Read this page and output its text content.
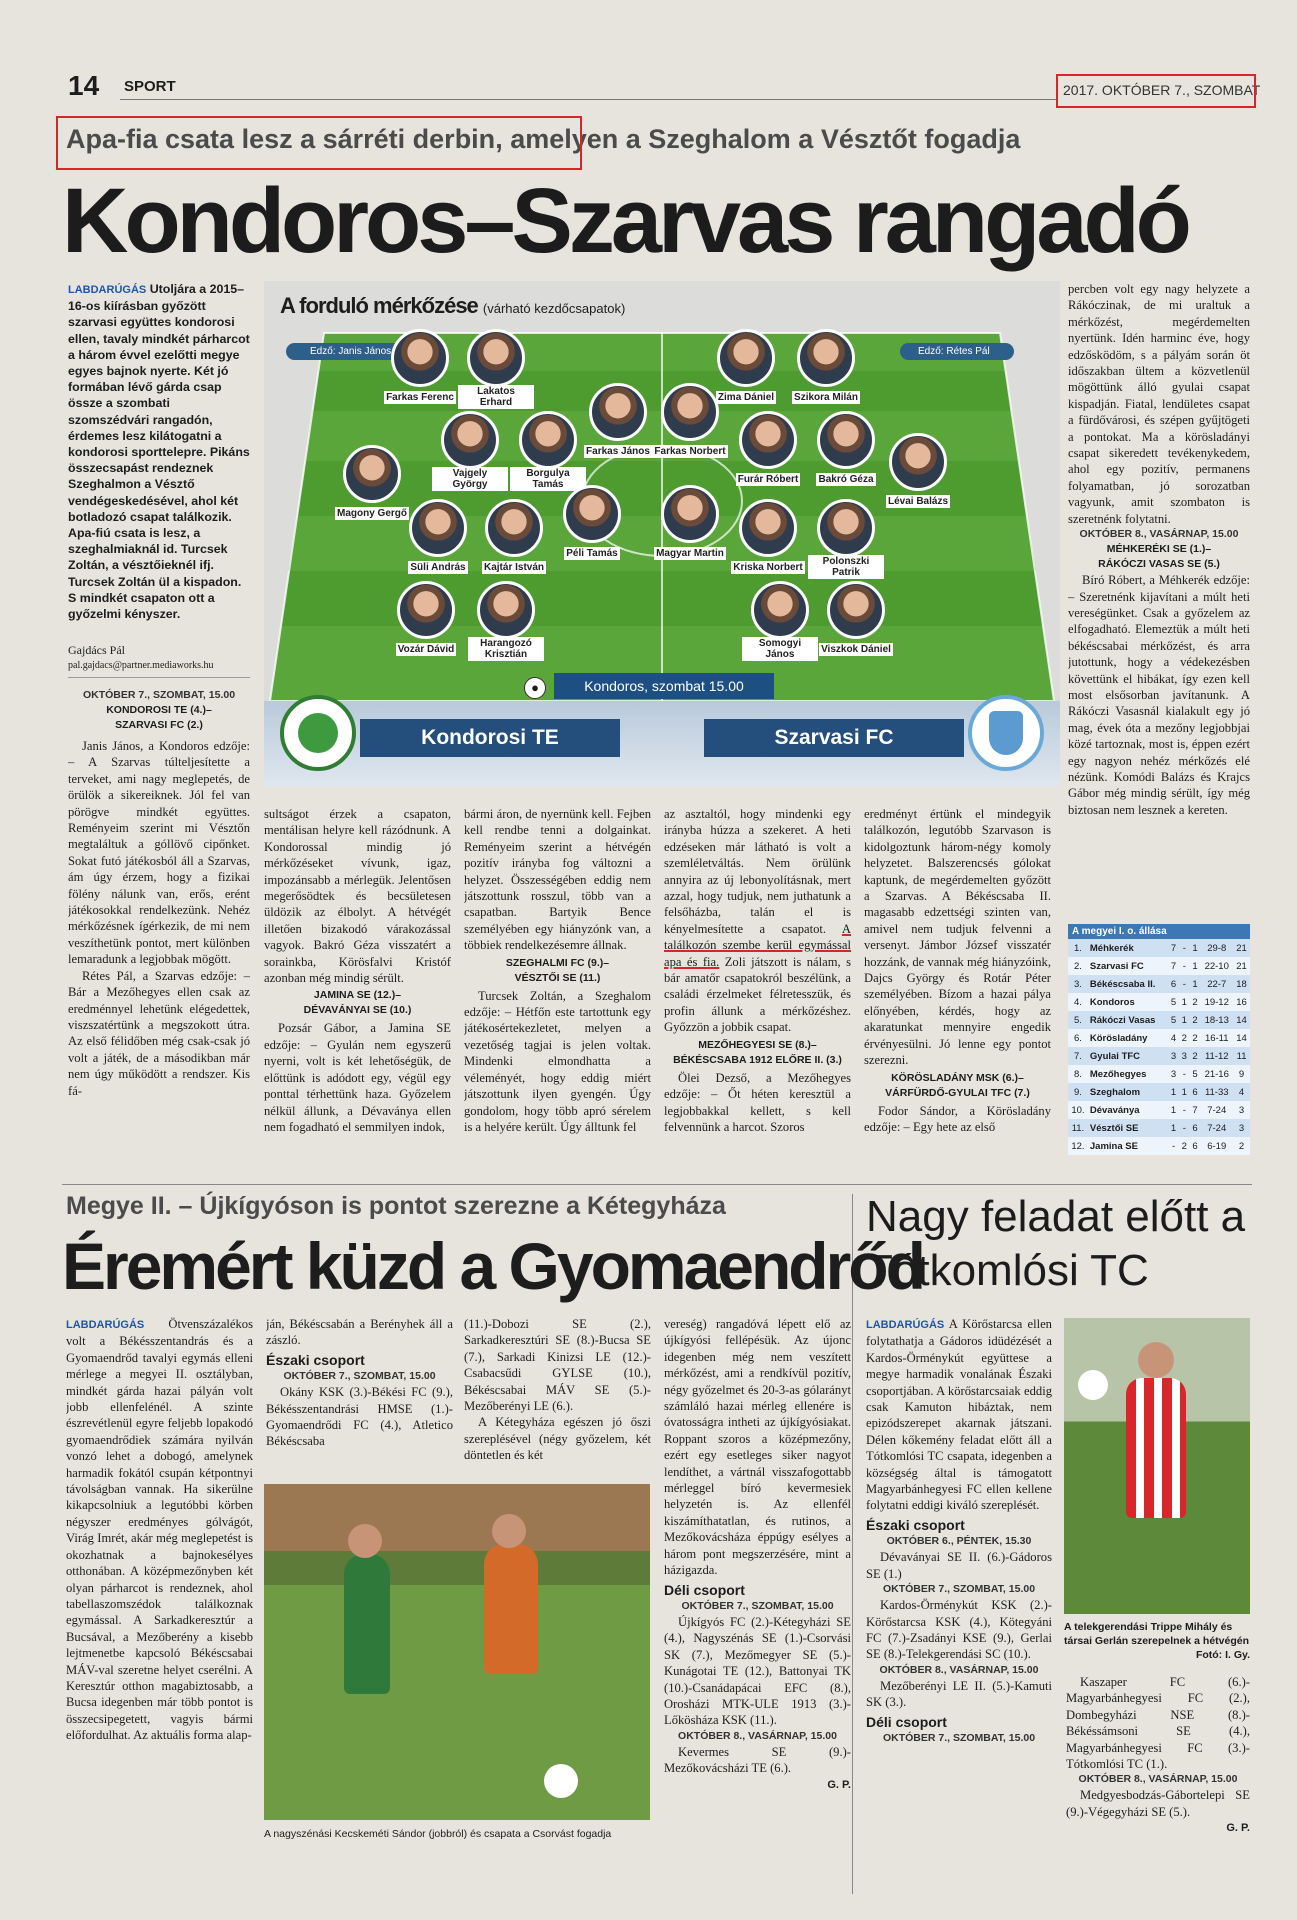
14 SPORT	2017. OKTÓBER 7., SZOMBAT
Apa-fia csata lesz a sárréti derbin, amelyen a Szeghalom a Vésztőt fogadja
Kondoros–Szarvas rangadó
LABDARÚGÁS Utoljára a 2015–16-os kiírásban győzött szarvasi együttes kondorosi ellen, tavaly mindkét párharcot a három évvel ezelőtti megye egyes bajnok nyerte. Két jó formában lévő gárda csap össze a szombati szomszédvári rangadón, érdemes lesz kilátogatni a kondorosi sporttelepre. Pikáns összecsapást rendeznek Szeghalmon a Vésztő vendégeskedésével, ahol két botladozó csapat találkozik. Apa-fiú csata is lesz, a szeghalmiaknál id. Turcsek Zoltán, a vésztőieknél ifj. Turcsek Zoltán ül a kispadon. S mindkét csapaton ott a győzelmi kényszer.
Gajdács Pál
pal.gajdacs@partner.mediaworks.hu
OKTÓBER 7., SZOMBAT, 15.00
KONDOROSI TE (4.)– SZARVASI FC (2.)

Janis János, a Kondoros edzője: – A Szarvas túlteljesítette a terveket, ami nagy meglepetés, de örülök a sikereiknek. Jól fel van pörögve mindkét együttes. Reményeim szerint mi Vésztőn megtaláltuk a góllövő cipőnket. Sokat futó játékosból áll a Szarvas, ám úgy érzem, hogy a fizikai fölény nálunk van, erős, erént játékosokkal rendelkezünk. Nehéz mérkőzésnek ígérkezik, de mi nem veszíthetünk pontot, mert különben lemaradunk a legjobbak mögött.

Rétes Pál, a Szarvas edzője: – Bár a Mezőhegyes ellen csak az eredménnyel lehetünk elégedettek, viszszatértünk a megszokott útra. Az első félidőben még csak-csak jó volt a játék, de a másodikban már nem úgy működött a rendszer. Kis fá-

A forduló mérkőzése (várható kezdőcsapatok)
Edző: Janis János	Edző: Rétes Pál
Farkas Ferenc
Lakatos Erhard	Zima Dániel	Szikora Milán
Farkas János Farkas Norbert
Vajgely György
Borgulya Tamás	Furár Róbert	Bakró Géza
Magony Gergő
Lévai Balázs
Süli András	Kajtár István
Péli Tamás	Magyar Martin
Kriska Norbert
Polonszki Patrik
Vozár Dávid
Harangozó Krisztián
Somogyi János	Viszkok Dániel
●	Kondoros, szombat 15.00
Kondorosi TE	Szarvasi FC

sultságot érzek a csapaton, mentálisan helyre kell rázódnunk. A Kondorossal mindig jó mérkőzéseket vívunk, igaz, impozánsabb a mérlegük. Jelentősen megerősödtek és becsületesen üldözik az élbolyt. A hétvégét illetően bizakodó várakozással vagyok. Bakró Géza visszatért a sorainkba, Körösfalvi Kristóf azonban még mindig sérült.

JAMINA SE (12.)– DÉVAVÁNYAI SE (10.)

Pozsár Gábor, a Jamina SE edzője: – Gyulán nem egyszerű nyerni, volt is két lehetőségük, de előttünk is adódott egy, végül egy ponttal térhettünk haza. Győzelem nélkül állunk, a Dévaványa ellen nem fogadható el semmilyen indok,

bármi áron, de nyernünk kell. Fejben kell rendbe tenni a dolgainkat. Reményeim szerint a hétvégén pozitív irányba fog változni a helyzet. Összességében eddig nem játszottunk rosszul, több van a csapatban. Bartyik Bence személyében egy hiányzónk van, a többiek rendelkezésemre állnak.

SZEGHALMI FC (9.)– VÉSZTŐI SE (11.)

Turcsek Zoltán, a Szeghalom edzője: – Hétfőn este tartottunk egy játékosértekezletet, melyen a vezetőség tagjai is jelen voltak. Mindenki elmondhatta a véleményét, hogy eddig miért játszottunk ilyen gyengén. Úgy gondolom, hogy több apró sérelem is a helyére került. Úgy álltunk fel

az asztaltól, hogy mindenki egy irányba húzza a szekeret. A heti edzéseken már látható is volt a szemléletváltás. Nem örülünk annyira az új lebonyolításnak, mert azzal, hogy tudjuk, nem juthatunk a felsőházba, talán el is kényelmesítette a csapatot. A találkozón szembe kerül egymással apa és fia. Zoli játszott is nálam, s bár amatőr csapatokról beszélünk, a családi érzelmeket félretesszük, és profin állunk a mérkőzéshez. Győzzön a jobbik csapat.

MEZŐHEGYESI SE (8.)– BÉKÉSCSABA 1912 ELŐRE II. (3.)

Ölei Dezső, a Mezőhegyes edzője: – Őt héten keresztül a legjobbakkal kellett, s kell felvennünk a harcot. Szoros

eredményt értünk el mindegyik találkozón, legutóbb Szarvason is kidolgoztunk három-négy komoly helyzetet. Balszerencsés gólokat kaptunk, de megérdemelten győzött a Szarvas. A Békéscsaba II. magasabb edzettségi szinten van, amivel nem tudjuk felvenni a versenyt. Jámbor József visszatér hozzánk, de vannak még hiányzóink, Dajcs György és Rotár Péter személyében. Bízom a hazai pálya előnyében, kérdés, hogy az akaratunkat mennyire engedik érvényesülni. Jó lenne egy pontot szerezni.

KÖRÖSLADÁNY MSK (6.)– VÁRFÜRDŐ-GYULAI TFC (7.)

Fodor Sándor, a Körösladány edzője: – Egy hete az első

percben volt egy nagy helyzete a Rákóczinak, de mi uraltuk a mérkőzést, megérdemelten nyertünk. Idén harminc éve, hogy edzősködöm, s a pályám során öt időszakban ültem a közvetlenül mögöttünk álló gyulai csapat kispadján. Fiatal, lendületes csapat a fürdővárosi, és szépen gyűjtögeti a pontokat. Ma a körösladányi csapat sikeredett tevékenykedem, ahol egy pozitív, permanens folyamatban, jó sorozatban vagyunk, amit szombaton is szeretnénk folytatni.

OKTÓBER 8., VASÁRNAP, 15.00
MÉHKERÉKI SE (1.)– RÁKÓCZI VASAS SE (5.)

Bíró Róbert, a Méhkerék edzője: – Szeretnénk kijavítani a múlt heti vereségünket. Csak a győzelem az elfogadható. Elemeztük a múlt heti békéscsabai mérkőzést, és arra jutottunk, hogy a védekezésben követtünk el hibákat, így ezen kell most elsősorban javítanunk. A Rákóczi Vasasnál kialakult egy jó mag, évek óta a mezőny legjobbjai közé tartoznak, most is, éppen ezért egy nagyon nehéz mérkőzés elé nézünk. Komódi Balázs és Krajcs Gábor még mindig sérült, így még biztosan nem lesznek a kereten.

A megyei I. o. állása
1.	Méhkerék	7	-	1	29-8	21
2.	Szarvasi FC	7	-	1	22-10	21
3.	Békéscsaba II.	6	-	1	22-7	18
4.	Kondoros	5	1	2	19-12	16
5.	Rákóczi Vasas	5	1	2	18-13	14
6.	Körösladány	4	2	2	16-11	14
7.	Gyulai TFC	3	3	2	11-12	11
8.	Mezőhegyes	3	-	5	21-16	9
9.	Szeghalom	1	1	6	11-33	4
10.	Dévaványa	1	-	7	7-24	3
11.	Vésztői SE	1	-	6	7-24	3
12.	Jamina SE	-	2	6	6-19	2
Megye II. – Újkígyóson is pontot szerezne a Kétegyháza
Éremért küzd a Gyomaendrőd

LABDARÚGÁS Ötvenszázalékos volt a Békésszentandrás és a Gyomaendrőd tavalyi egymás elleni mérlege a megyei II. osztályban, mindkét gárda hazai pályán volt jobb ellenfelénél. A szinte észrevétlenül egyre feljebb lopakodó gyomaendrődiek számára nyilván vonzó lehet a dobogó, amelynek harmadik fokától csupán kétpontnyi távolságban vannak. Ha sikerülne kikapcsolniuk a legutóbbi körben négyszer eredményes gólvágót, Virág Imrét, akár még meglepetést is okozhatnak a bajnokesélyes otthonában. A középmezőnyben két olyan párharcot is rendeznek, ahol tabellaszomszédok találkoznak egymással. A Sarkadkeresztúr a Bucsával, a Mezőberény a kisebb lejtmenetbe kapcsoló Békéscsabai MÁV-val szeretne helyet cserélni. A Keresztúr otthon magabiztosabb, a Bucsa idegenben már több pontot is összecsipegetett, vagyis bármi előfordulhat. Az aktuális forma alap-

ján, Békéscsabán a Berényhek áll a zászló.

Északi csoport
OKTÓBER 7., SZOMBAT, 15.00

Okány KSK (3.)-Békési FC (9.), Békésszentandrási HMSE (1.)-Gyomaendrődi FC (4.), Atletico Békéscsaba

(11.)-Dobozi SE (2.), Sarkadkeresztúri SE (8.)-Bucsa SE (7.), Sarkadi Kinizsi LE (12.)-Csabacsűdi GYLSE (10.), Békéscsabai MÁV SE (5.)-Mezőberényi LE (6.).

A Kétegyháza egészen jó őszi szereplésével (négy győzelem, két döntetlen és két

vereség) rangadóvá lépett elő az újkígyósi fellépésük. Az újonc idegenben még nem veszített mérkőzést, ami a rendkívül pozitív, négy győzelmet és 20-3-as gólarányt számláló hazai mérleg ellenére is óvatosságra intheti az újkígyósiakat. Roppant szoros a középmezőny, ezért egy esetleges siker nagyot lendíthet, a vártnál visszafogottabb mérleggel bíró kevermesiek helyzetén is. Az ellenfél kiszámíthatatlan, és rutinos, a Mezőkovácsháza éppúgy esélyes a három pont megszerzésére, mint a házigazda.

Déli csoport
OKTÓBER 7., SZOMBAT, 15.00

Újkígyós FC (2.)-Kétegyházi SE (4.), Nagyszénás SE (1.)-Csorvási SK (7.), Mezőmegyer SE (5.)-Kunágotai TE (12.), Battonyai TK (10.)-Csanádapácai EFC (8.), Orosházi MTK-ULE 1913 (3.)-Lőkösháza KSK (11.).

OKTÓBER 8., VASÁRNAP, 15.00

Kevermes SE (9.)-Mezőkovácsházi TE (6.).

G. P.
A nagyszénási Kecskeméti Sándor (jobbról) és csapata a Csorvást fogadja
Nagy feladat előtt a Tótkomlósi TC

LABDARÚGÁS A Körőstarcsa ellen folytathatja a Gádoros idüdézését a Kardos-Örménykút együttese a megye harmadik vonalának Északi csoportjában. A körőstarcsaiak eddig csak Kamuton hibáztak, nem epizódszerepet akarnak játszani. Délen kőkemény feladat előtt áll a Tótkomlósi TC csapata, idegenben a községség által is támogatott Magyarbánhegyesi FC ellen kellene folytatni eddigi kiváló szereplését.

Északi csoport
OKTÓBER 6., PÉNTEK, 15.30

Dévaványai SE II. (6.)-Gádoros SE (1.)

OKTÓBER 7., SZOMBAT, 15.00

Kardos-Örménykút KSK (2.)-Körőstarcsa KSK (4.), Kötegyáni FC (7.)-Zsadányi KSE (9.), Gerlai SE (8.)-Telekgerendási SC (10.).

OKTÓBER 8., VASÁRNAP, 15.00

Mezőberényi LE II. (5.)-Kamuti SK (3.).

Déli csoport
OKTÓBER 7., SZOMBAT, 15.00
A telekgerendási Trippe Mihály és társai Gerlán szerepelnek a hétvégén
Fotó: I. Gy.

Kaszaper FC (6.)-Magyarbánhegyesi FC (2.), Dombegyházi NSE (8.)-Békéssámsoni SE (4.), Magyarbánhegyesi FC (3.)-Tótkomlósi TC (1.).

OKTÓBER 8., VASÁRNAP, 15.00

Medgyesbodzás-Gábortelepi SE (9.)-Végegyházi SE (5.).

G. P.
